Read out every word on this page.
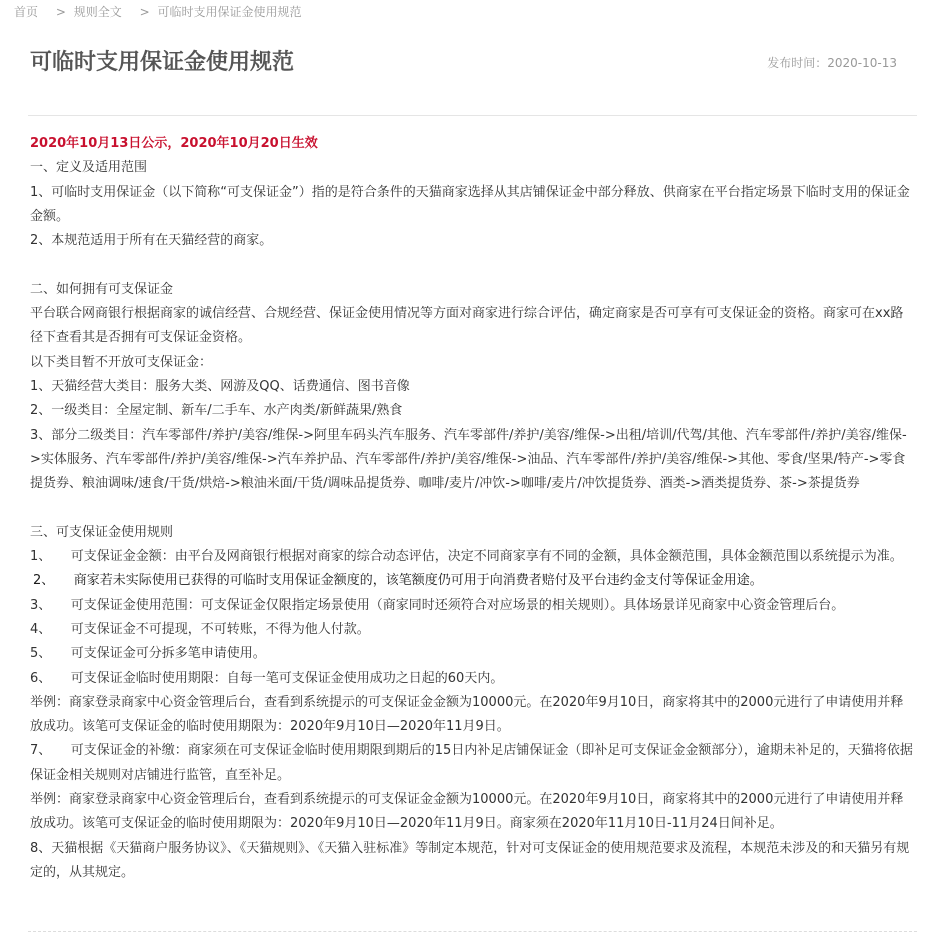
首页 > 规则全文 > 可临时支用保证金使用规范
可临时支用保证金使用规范	发布时间：2020-10-13

2020年10月13日公示，2020年10月20日生效

一、定义及适用范围

1、可临时支用保证金（以下简称“可支保证金”）指的是符合条件的天猫商家选择从其店铺保证金中部分释放、供商家在平台指定场景下临时支用的保证金金额。

2、本规范适用于所有在天猫经营的商家。

二、如何拥有可支保证金

平台联合网商银行根据商家的诚信经营、合规经营、保证金使用情况等方面对商家进行综合评估，确定商家是否可享有可支保证金的资格。商家可在xx路径下查看其是否拥有可支保证金资格。

以下类目暂不开放可支保证金：

1、天猫经营大类目：服务大类、网游及QQ、话费通信、图书音像

2、一级类目：全屋定制、新车/二手车、水产肉类/新鲜蔬果/熟食

3、部分二级类目：汽车零部件/养护/美容/维保->阿里车码头汽车服务、汽车零部件/养护/美容/维保->出租/培训/代驾/其他、汽车零部件/养护/美容/维保->实体服务、汽车零部件/养护/美容/维保->汽车养护品、汽车零部件/养护/美容/维保->油品、汽车零部件/养护/美容/维保->其他、零食/坚果/特产->零食提货券、粮油调味/速食/干货/烘焙->粮油米面/干货/调味品提货券、咖啡/麦片/冲饮->咖啡/麦片/冲饮提货券、酒类->酒类提货券、茶->茶提货券

三、可支保证金使用规则

1、　　可支保证金金额：由平台及网商银行根据对商家的综合动态评估，决定不同商家享有不同的金额，具体金额范围，具体金额范围以系统提示为准。

2、　　商家若未实际使用已获得的可临时支用保证金额度的，该笔额度仍可用于向消费者赔付及平台违约金支付等保证金用途。

3、　　可支保证金使用范围：可支保证金仅限指定场景使用（商家同时还须符合对应场景的相关规则）。具体场景详见商家中心资金管理后台。

4、　　可支保证金不可提现，不可转账，不得为他人付款。

5、　　可支保证金可分拆多笔申请使用。

6、　　可支保证金临时使用期限：自每一笔可支保证金使用成功之日起的60天内。

举例：商家登录商家中心资金管理后台，查看到系统提示的可支保证金金额为10000元。在2020年9月10日，商家将其中的2000元进行了申请使用并释放成功。该笔可支保证金的临时使用期限为：2020年9月10日—2020年11月9日。

7、　　可支保证金的补缴：商家须在可支保证金临时使用期限到期后的15日内补足店铺保证金（即补足可支保证金金额部分），逾期未补足的，天猫将依据保证金相关规则对店铺进行监管，直至补足。

举例：商家登录商家中心资金管理后台，查看到系统提示的可支保证金金额为10000元。在2020年9月10日，商家将其中的2000元进行了申请使用并释放成功。该笔可支保证金的临时使用期限为：2020年9月10日—2020年11月9日。商家须在2020年11月10日-11月24日间补足。

8、天猫根据《天猫商户服务协议》、《天猫规则》、《天猫入驻标准》等制定本规范，针对可支保证金的使用规范要求及流程，本规范未涉及的和天猫另有规定的，从其规定。
